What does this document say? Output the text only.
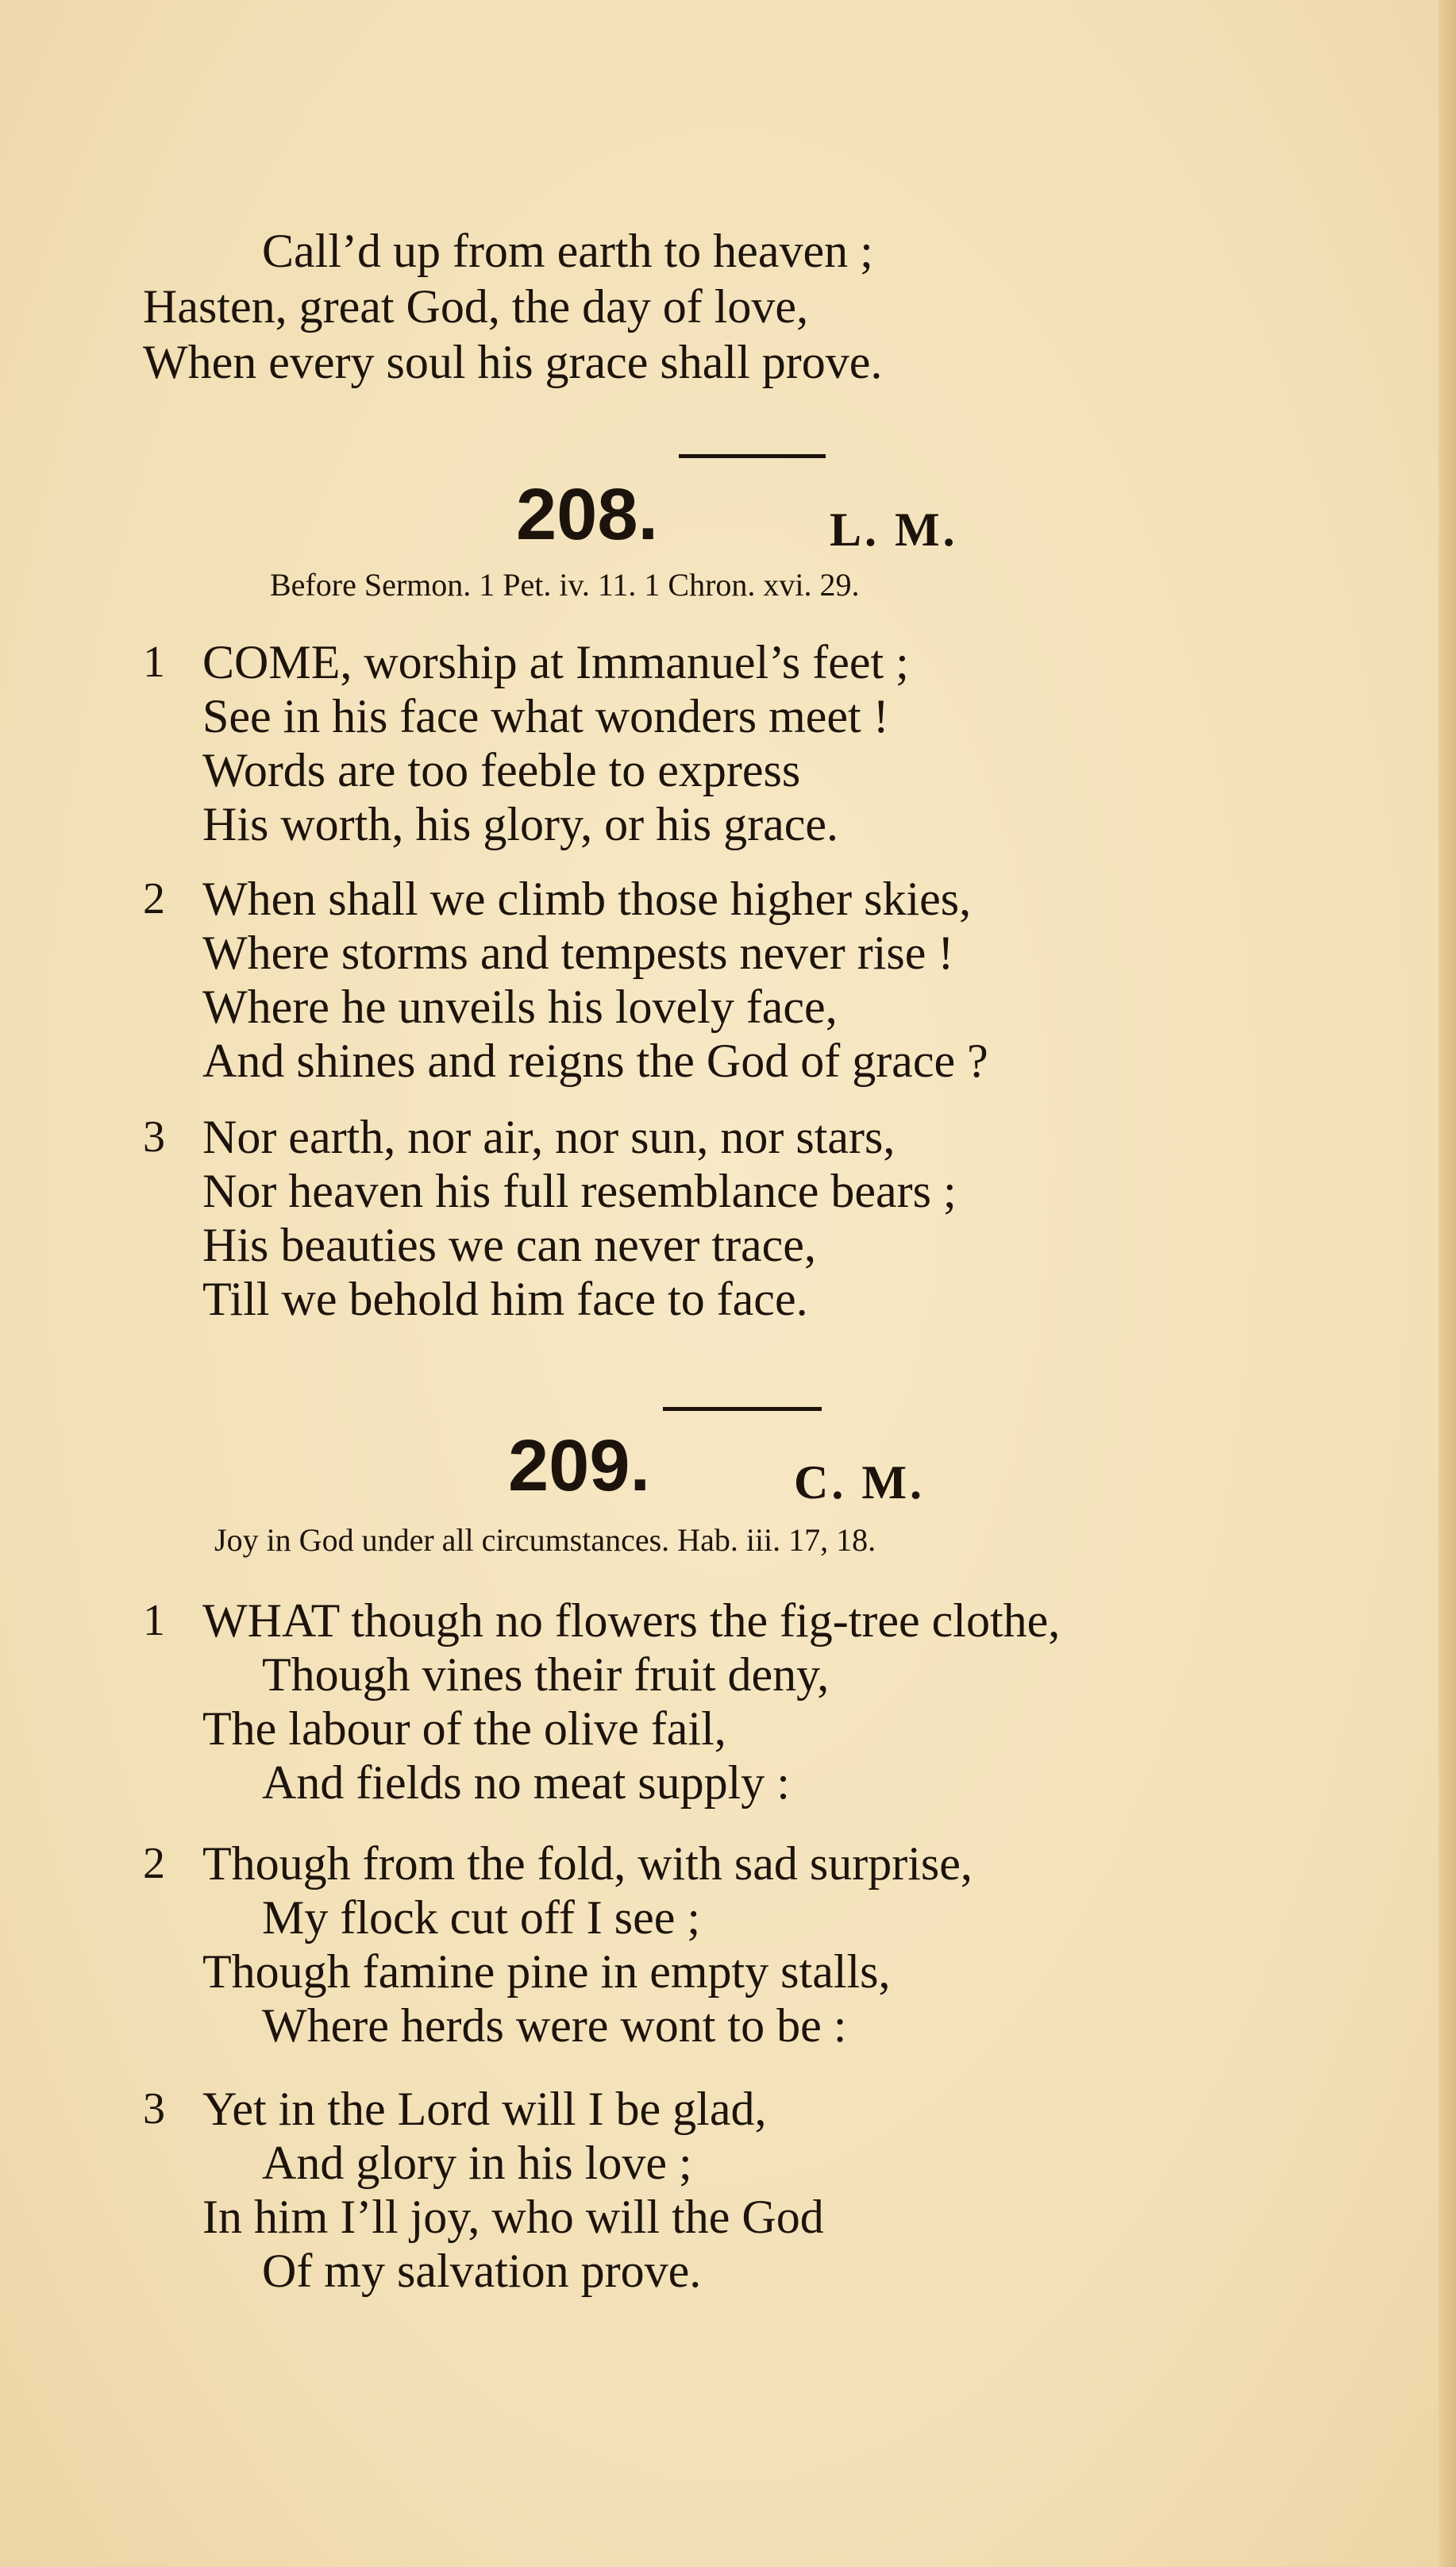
Call’d up from earth to heaven ;
Hasten, great God, the day of love,
When every soul his grace shall prove.
208.	L. M.
Before Sermon. 1 Pet. iv. 11. 1 Chron. xvi. 29.
1 COME, worship at Immanuel’s feet ;
See in his face what wonders meet !
Words are too feeble to express
His worth, his glory, or his grace.
2 When shall we climb those higher skies,
Where storms and tempests never rise !
Where he unveils his lovely face,
And shines and reigns the God of grace ?
3 Nor earth, nor air, nor sun, nor stars,
Nor heaven his full resemblance bears ;
His beauties we can never trace,
Till we behold him face to face.
209.	C. M.
Joy in God under all circumstances. Hab. iii. 17, 18.
1 WHAT though no flowers the fig-tree clothe,
Though vines their fruit deny,
The labour of the olive fail,
And fields no meat supply :
2 Though from the fold, with sad surprise,
My flock cut off I see ;
Though famine pine in empty stalls,
Where herds were wont to be :
3 Yet in the Lord will I be glad,
And glory in his love ;
In him I’ll joy, who will the God
Of my salvation prove.
